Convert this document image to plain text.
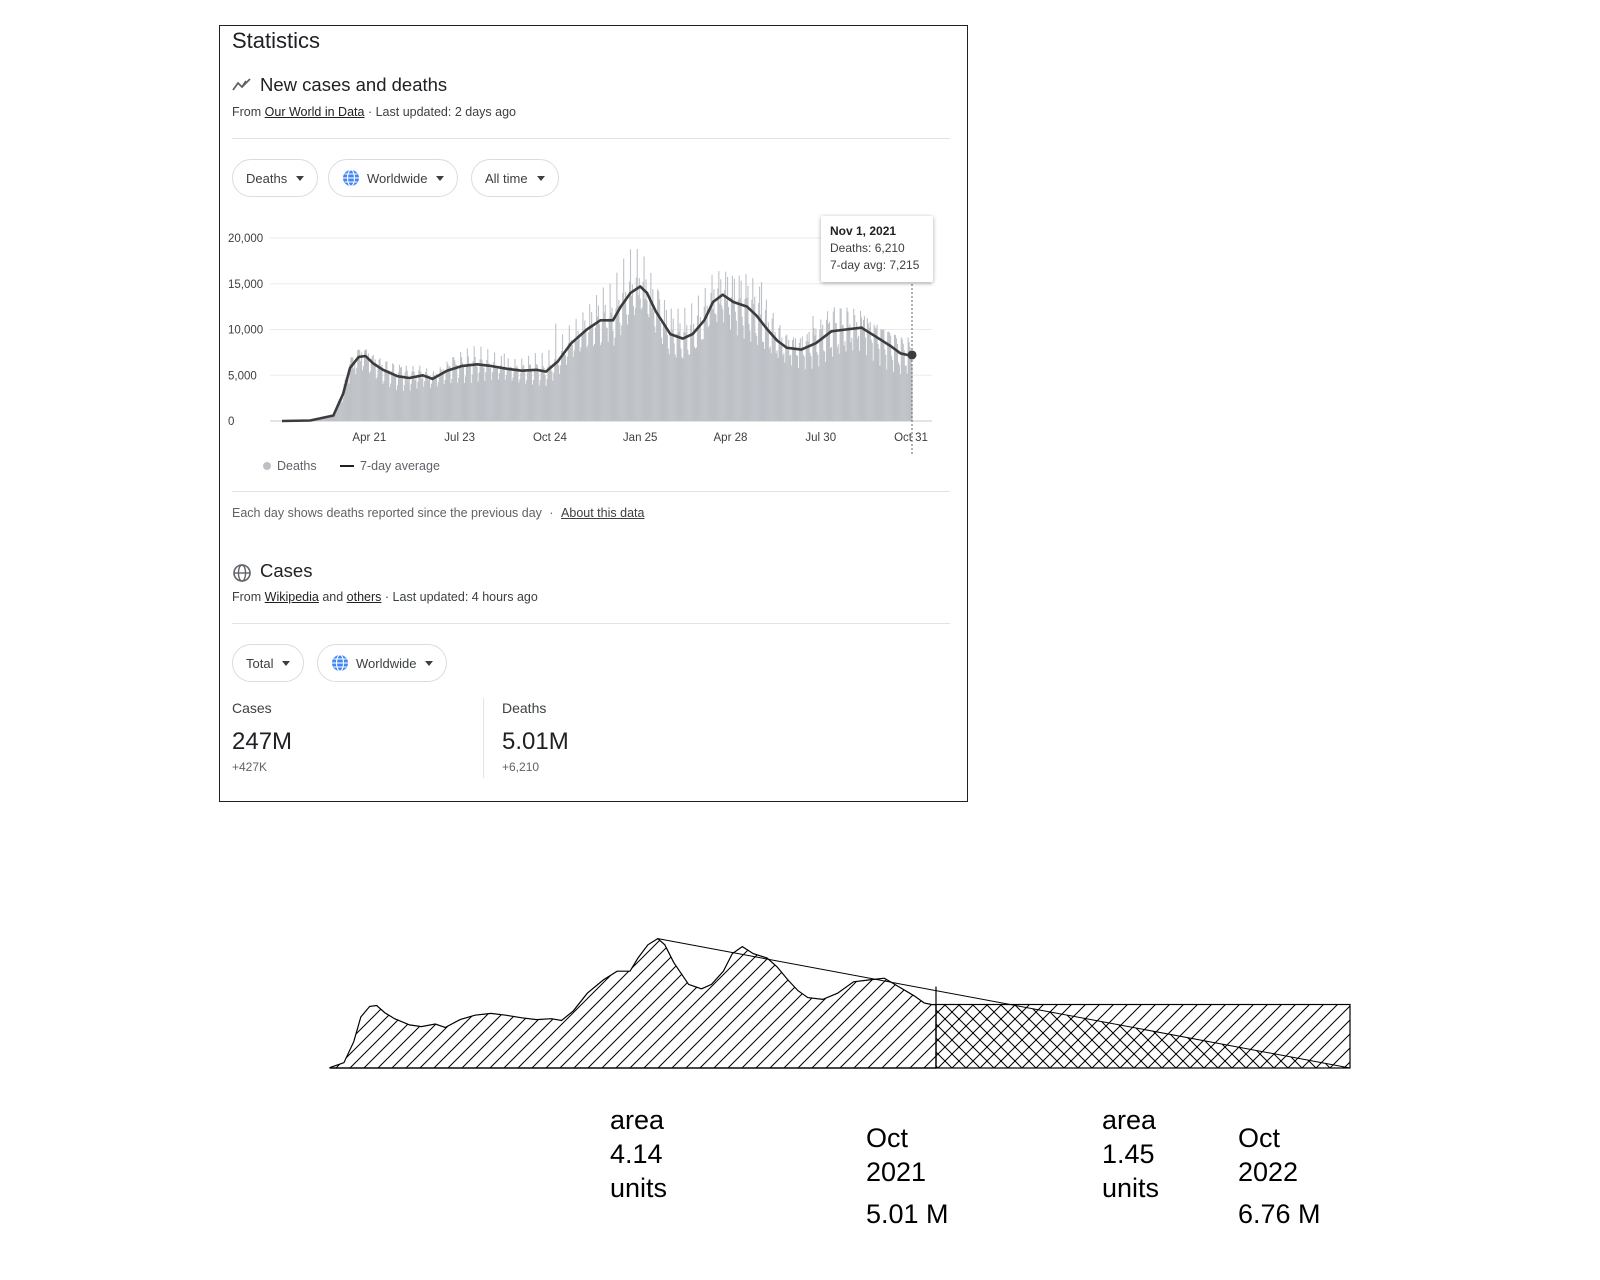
Statistics
New cases and deaths
From Our World in Data · Last updated: 2 days ago
Deaths	Worldwide	All time
20,000
15,000
10,000
5,000
0
Apr 21	Jul 23	Oct 24	Jan 25	Apr 28	Jul 30	Oct 31
Nov 1, 2021
Deaths: 6,210
7-day avg: 7,215
Deaths	7-day average
Each day shows deaths reported since the previous day · About this data
Cases
From Wikipedia and others · Last updated: 4 hours ago
Total	Worldwide
Cases
247M
+427K
Deaths
5.01M
+6,210
area
4.14
units
Oct
2021
5.01 M
area
1.45
units
Oct
2022
6.76 M
